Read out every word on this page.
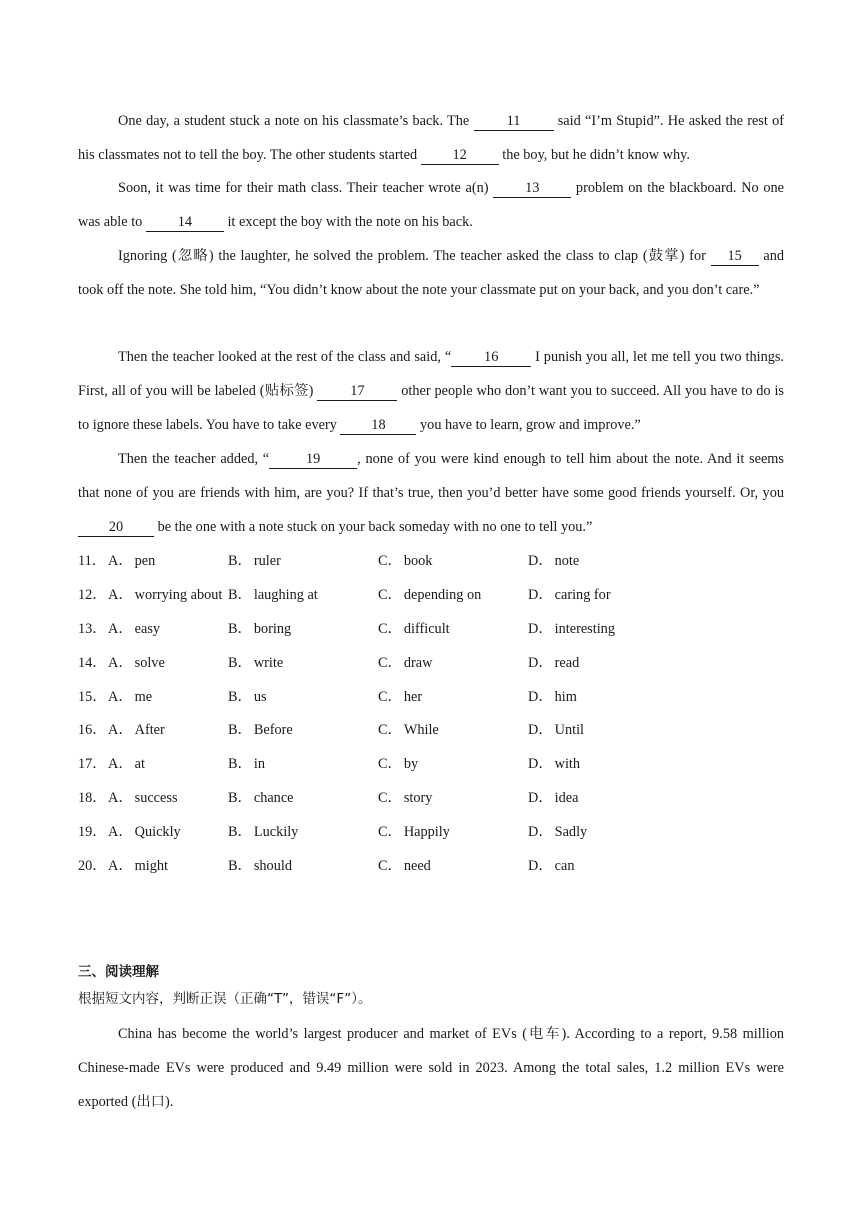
One day, a student stuck a note on his classmate’s back. The 11 said “I’m Stupid”. He asked the rest of his classmates not to tell the boy. The other students started 12 the boy, but he didn’t know why.

Soon, it was time for their math class. Their teacher wrote a(n) 13 problem on the blackboard. No one was able to 14 it except the boy with the note on his back.

Ignoring (忽略) the laughter, he solved the problem. The teacher asked the class to clap (鼓掌) for 15 and took off the note. She told him, “You didn’t know about the note your classmate put on your back, and you don’t care.”

Then the teacher looked at the rest of the class and said, “ 16 I punish you all, let me tell you two things. First, all of you will be labeled (贴标签) 17 other people who don’t want you to succeed. All you have to do is to ignore these labels. You have to take every 18 you have to learn, grow and improve.”

Then the teacher added, “	19	, none of you were kind enough to tell him about the note. And it seems that none of you are friends with him, are you? If that’s true, then you’d better have some good friends yourself. Or, you 20 be the one with a note stuck on your back someday with no one to tell you.”

11． A． pen	B． ruler	C． book	D． note
12． A． worrying about B． laughing at	C． depending on	D． caring for
13． A． easy	B． boring	C． difficult	D． interesting
14． A． solve	B． write	C． draw	D． read
15． A． me	B． us	C． her	D． him
16． A． After	B． Before	C． While	D． Until
17． A． at	B． in	C． by	D． with
18． A． success	B． chance	C． story	D． idea
19． A． Quickly	B． Luckily	C． Happily	D． Sadly
20． A． might	B． should	C． need	D． can
三、阅读理解
根据短文内容，判断正误（正确“T”，错误“F”）。

China has become the world’s largest producer and market of EVs (电车). According to a report, 9.58 million Chinese-made EVs were produced and 9.49 million were sold in 2023. Among the total sales, 1.2 million EVs were exported (出口).
